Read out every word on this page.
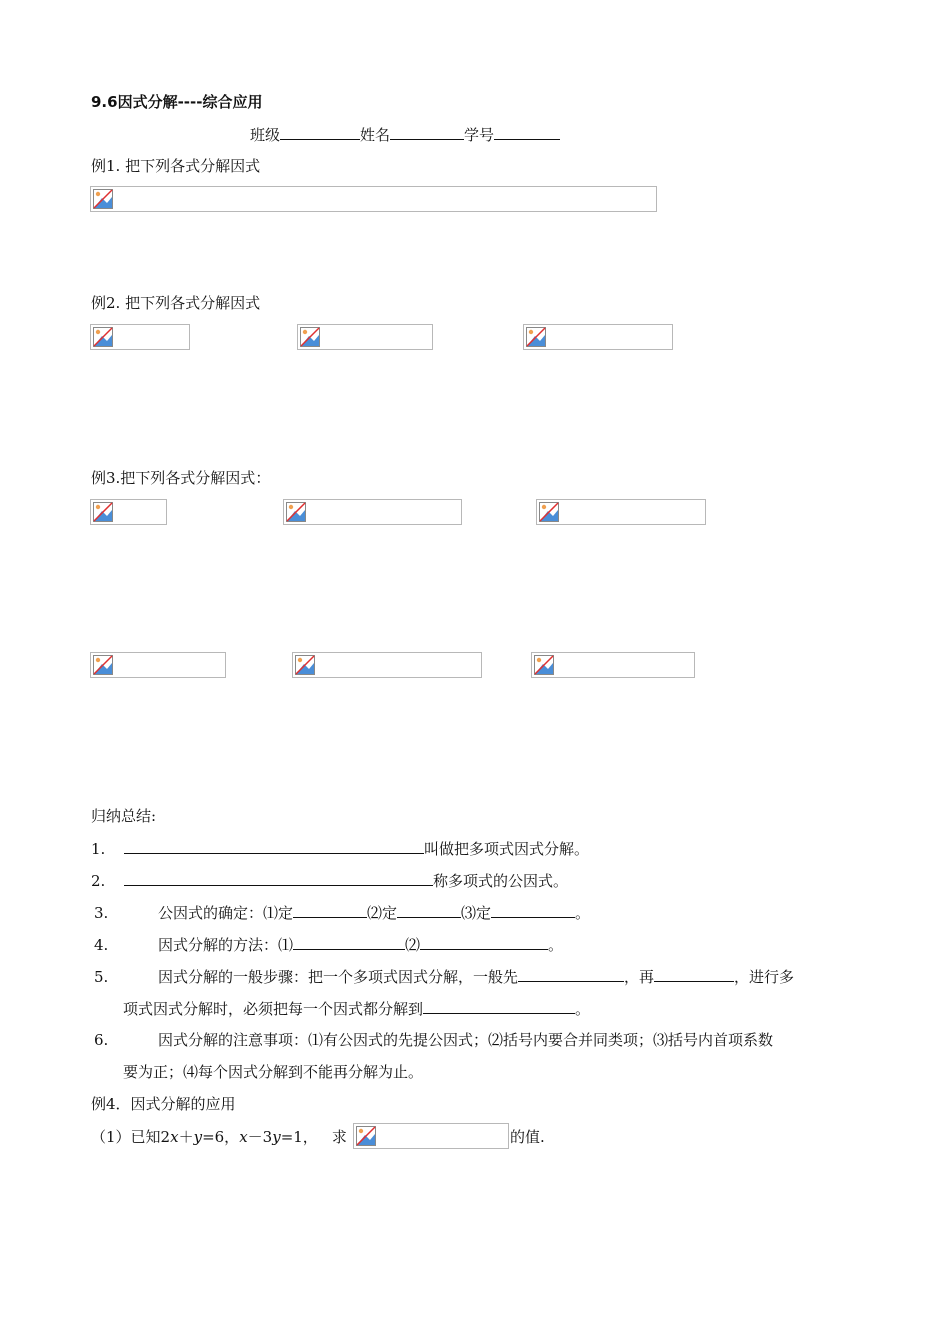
9.6因式分解----综合应用
班级	姓名	学号
例1. 把下列各式分解因式
例2. 把下列各式分解因式
例3.把下列各式分解因式：
归纳总结:
1.	叫做把多项式因式分解。
2.	称多项式的公因式。
3.	公因式的确定：⑴定	⑵定	⑶定	。
4.	因式分解的方法：⑴	⑵	。
5.	因式分解的一般步骤：把一个多项式因式分解，一般先	，再	，进行多
项式因式分解时，必须把每一个因式都分解到	。
6.	因式分解的注意事项：⑴有公因式的先提公因式；⑵括号内要合并同类项；⑶括号内首项系数
要为正；⑷每个因式分解到不能再分解为止。
例4．因式分解的应用
（1）已知2x＋y=6，x－3y=1， 求	的值.
